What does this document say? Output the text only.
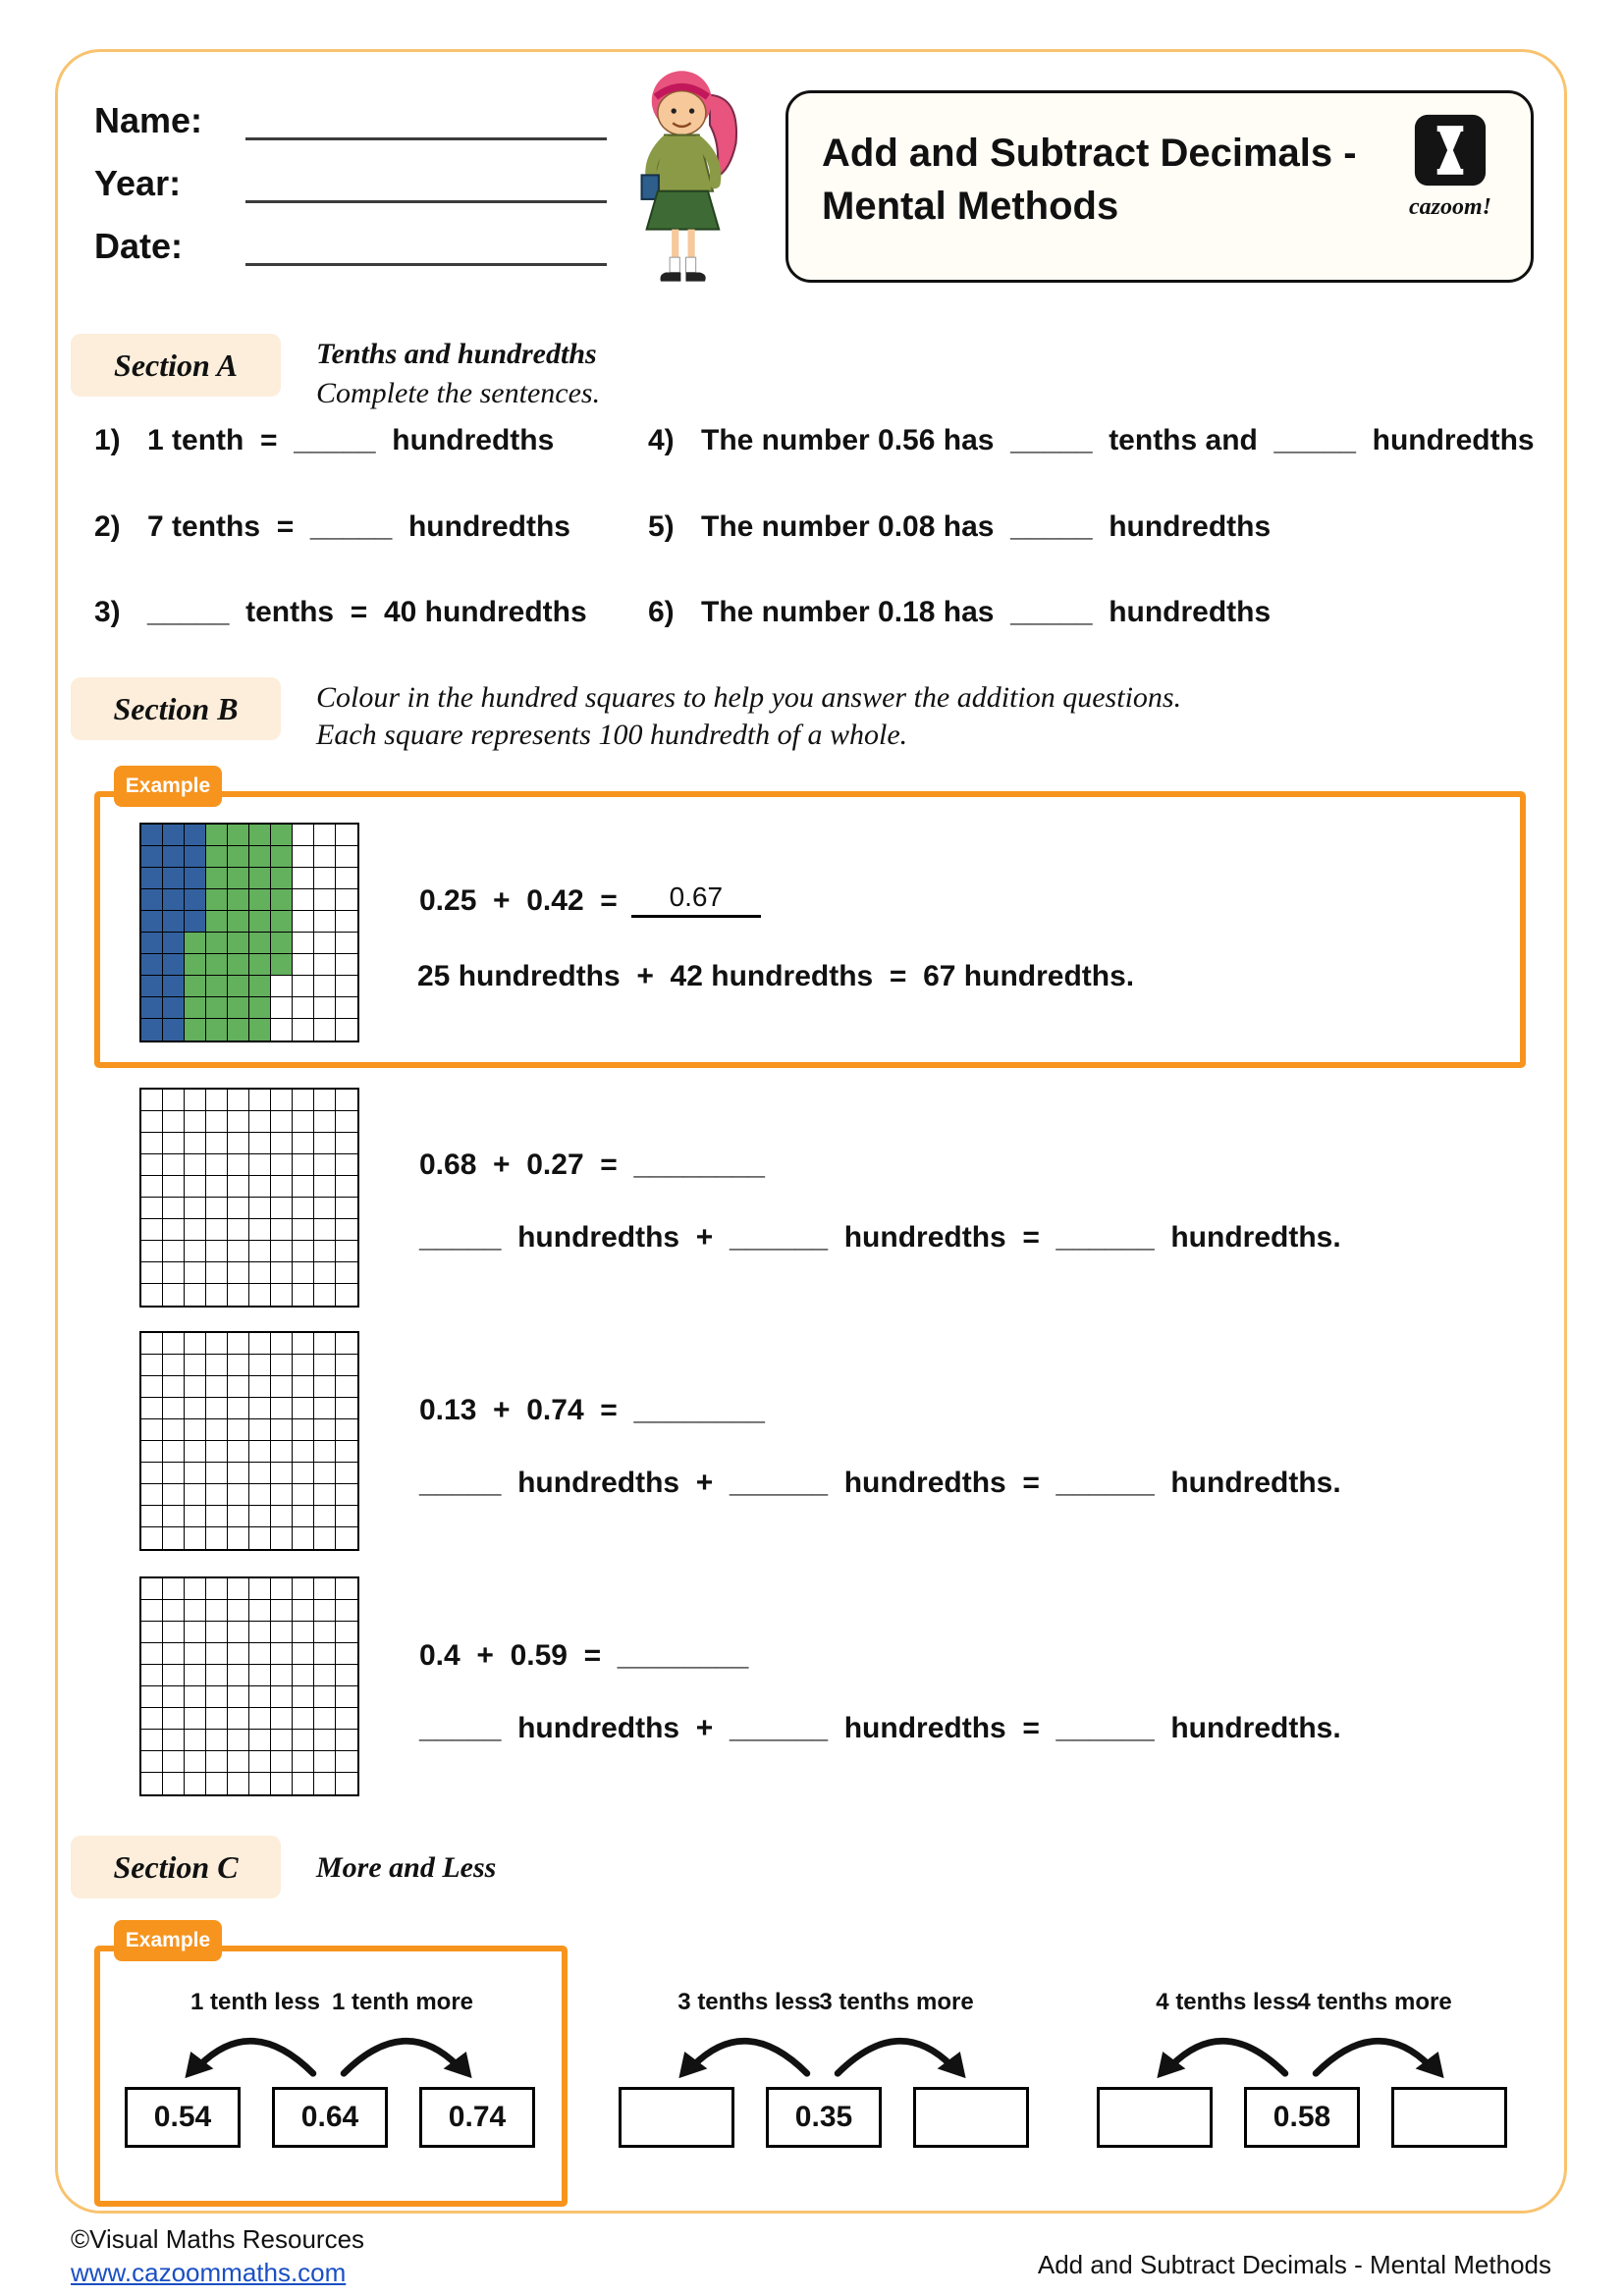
Name:
Year:
Date:
Add and Subtract Decimals -
Mental Methods	cazoom!
Section A	Tenths and hundredths
Complete the sentences.
1) 1 tenth  =  _____  hundredths
2) 7 tenths  =  _____  hundredths
3) _____  tenths  =  40 hundredths
4) The number 0.56 has  _____  tenths and  _____  hundredths
5) The number 0.08 has  _____  hundredths
6) The number 0.18 has  _____  hundredths
Section B	Colour in the hundred squares to help you answer the addition questions.
Each square represents 100 hundredth of a whole.
Example
0.25  +  0.42  =	0.67
25 hundredths  +  42 hundredths  =  67 hundredths.
0.68  +  0.27  =  ________
_____  hundredths  +  ______  hundredths  =  ______  hundredths.
0.13  +  0.74  =  ________
_____  hundredths  +  ______  hundredths  =  ______  hundredths.
0.4  +  0.59  =  ________
_____  hundredths  +  ______  hundredths  =  ______  hundredths.
Section C	More and Less
Example
1 tenth less 1 tenth more
0.54	0.64	0.74
3 tenths less
3 tenths more
0.35
4 tenths less
4 tenths more
0.58
©Visual Maths Resources
www.cazoommaths.com	Add and Subtract Decimals - Mental Methods
